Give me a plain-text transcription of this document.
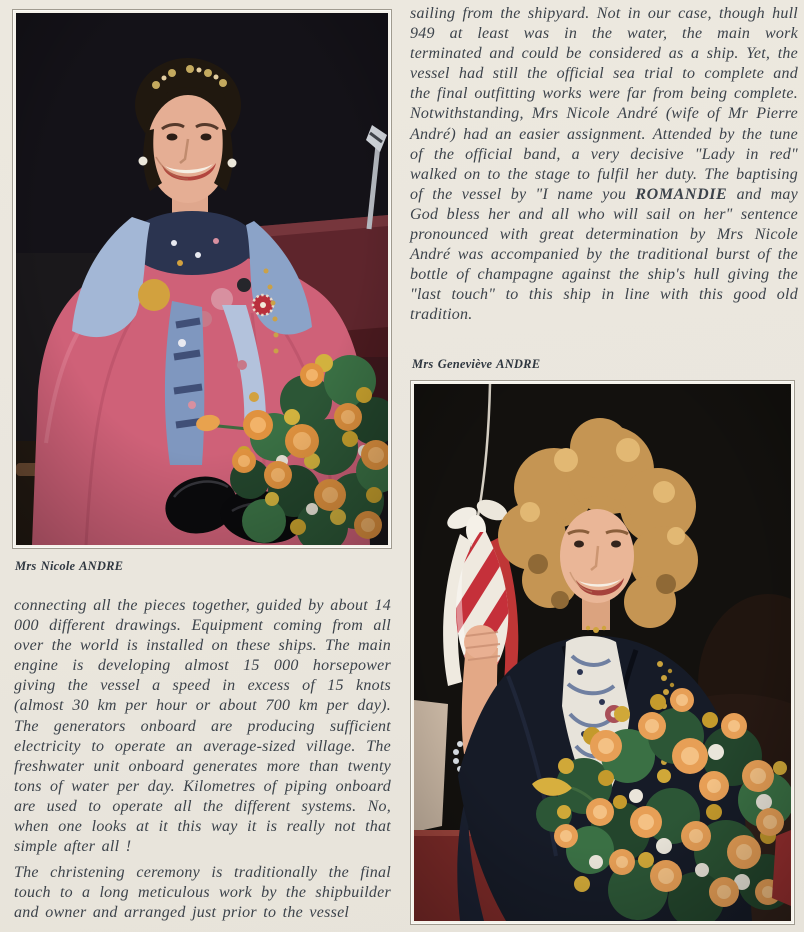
Mrs Nicole ANDRE

connecting all the pieces together, guided by about 14 000 different drawings. Equipment coming from all over the world is installed on these ships. The main engine is developing almost 15 000 horsepower giving the vessel a speed in excess of 15 knots (almost 30 km per hour or about 700 km per day). The generators onboard are producing sufficient electricity to operate an average-sized village. The freshwater unit onboard generates more than twenty tons of water per day. Kilometres of piping onboard are used to operate all the different systems. No, when one looks at it this way it is really not that simple after all !

The christening ceremony is traditionally the final touch to a long meticulous work by the shipbuilder and owner and arranged just prior to the vessel

sailing from the shipyard. Not in our case, though hull 949 at least was in the water, the main work terminated and could be considered as a ship. Yet, the vessel had still the official sea trial to complete and the final outfitting works were far from being complete. Notwithstanding, Mrs Nicole André (wife of Mr Pierre André) had an easier assignment. Attended by the tune of the official band, a very decisive "Lady in red" walked on to the stage to fulfil her duty. The baptising of the vessel by "I name you ROMANDIE and may God bless her and all who will sail on her" sentence pronounced with great determination by Mrs Nicole André was accompanied by the traditional burst of the bottle of champagne against the ship's hull giving the "last touch" to this ship in line with this good old tradition.

Mrs Geneviève ANDRE
